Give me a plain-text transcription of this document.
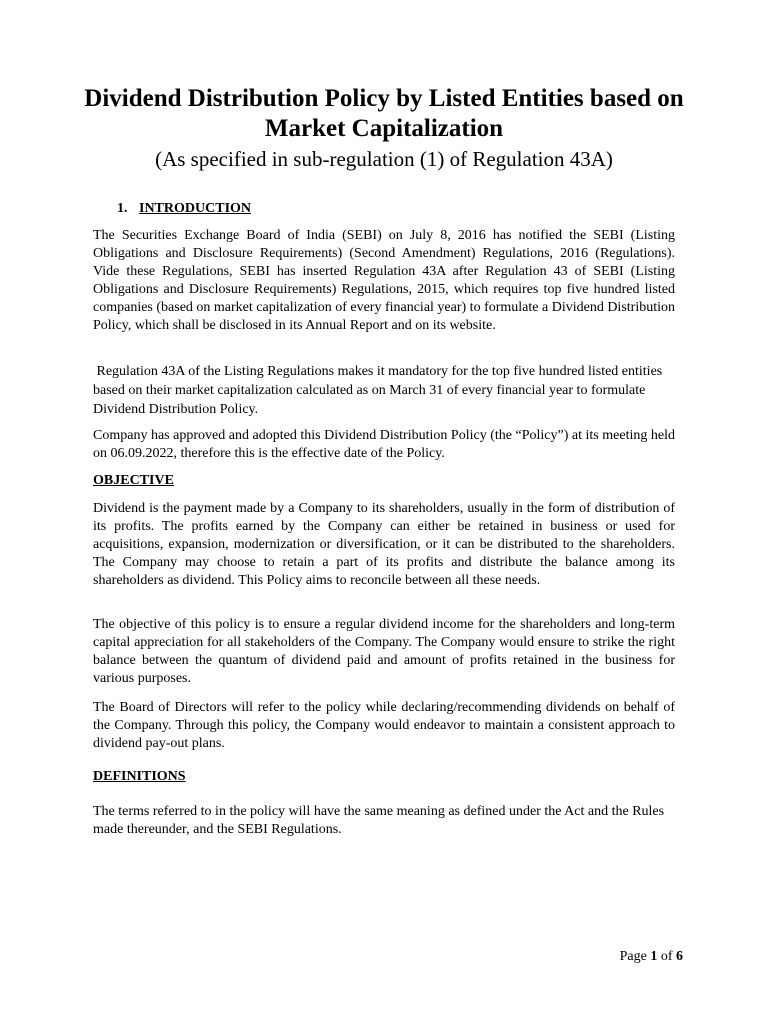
Dividend Distribution Policy by Listed Entities based on Market Capitalization
(As specified in sub-regulation (1) of Regulation 43A)
1. INTRODUCTION
The Securities Exchange Board of India (SEBI) on July 8, 2016 has notified the SEBI (Listing Obligations and Disclosure Requirements) (Second Amendment) Regulations, 2016 (Regulations). Vide these Regulations, SEBI has inserted Regulation 43A after Regulation 43 of SEBI (Listing Obligations and Disclosure Requirements) Regulations, 2015, which requires top five hundred listed companies (based on market capitalization of every financial year) to formulate a Dividend Distribution Policy, which shall be disclosed in its Annual Report and on its website.
Regulation 43A of the Listing Regulations makes it mandatory for the top five hundred listed entities based on their market capitalization calculated as on March 31 of every financial year to formulate Dividend Distribution Policy.
Company has approved and adopted this Dividend Distribution Policy (the “Policy”) at its meeting held on 06.09.2022, therefore this is the effective date of the Policy.
OBJECTIVE
Dividend is the payment made by a Company to its shareholders, usually in the form of distribution of its profits. The profits earned by the Company can either be retained in business or used for acquisitions, expansion, modernization or diversification, or it can be distributed to the shareholders. The Company may choose to retain a part of its profits and distribute the balance among its shareholders as dividend. This Policy aims to reconcile between all these needs.
The objective of this policy is to ensure a regular dividend income for the shareholders and long-term capital appreciation for all stakeholders of the Company. The Company would ensure to strike the right balance between the quantum of dividend paid and amount of profits retained in the business for various purposes.
The Board of Directors will refer to the policy while declaring/recommending dividends on behalf of the Company. Through this policy, the Company would endeavor to maintain a consistent approach to dividend pay-out plans.
DEFINITIONS
The terms referred to in the policy will have the same meaning as defined under the Act and the Rules made thereunder, and the SEBI Regulations.
Page 1 of 6
